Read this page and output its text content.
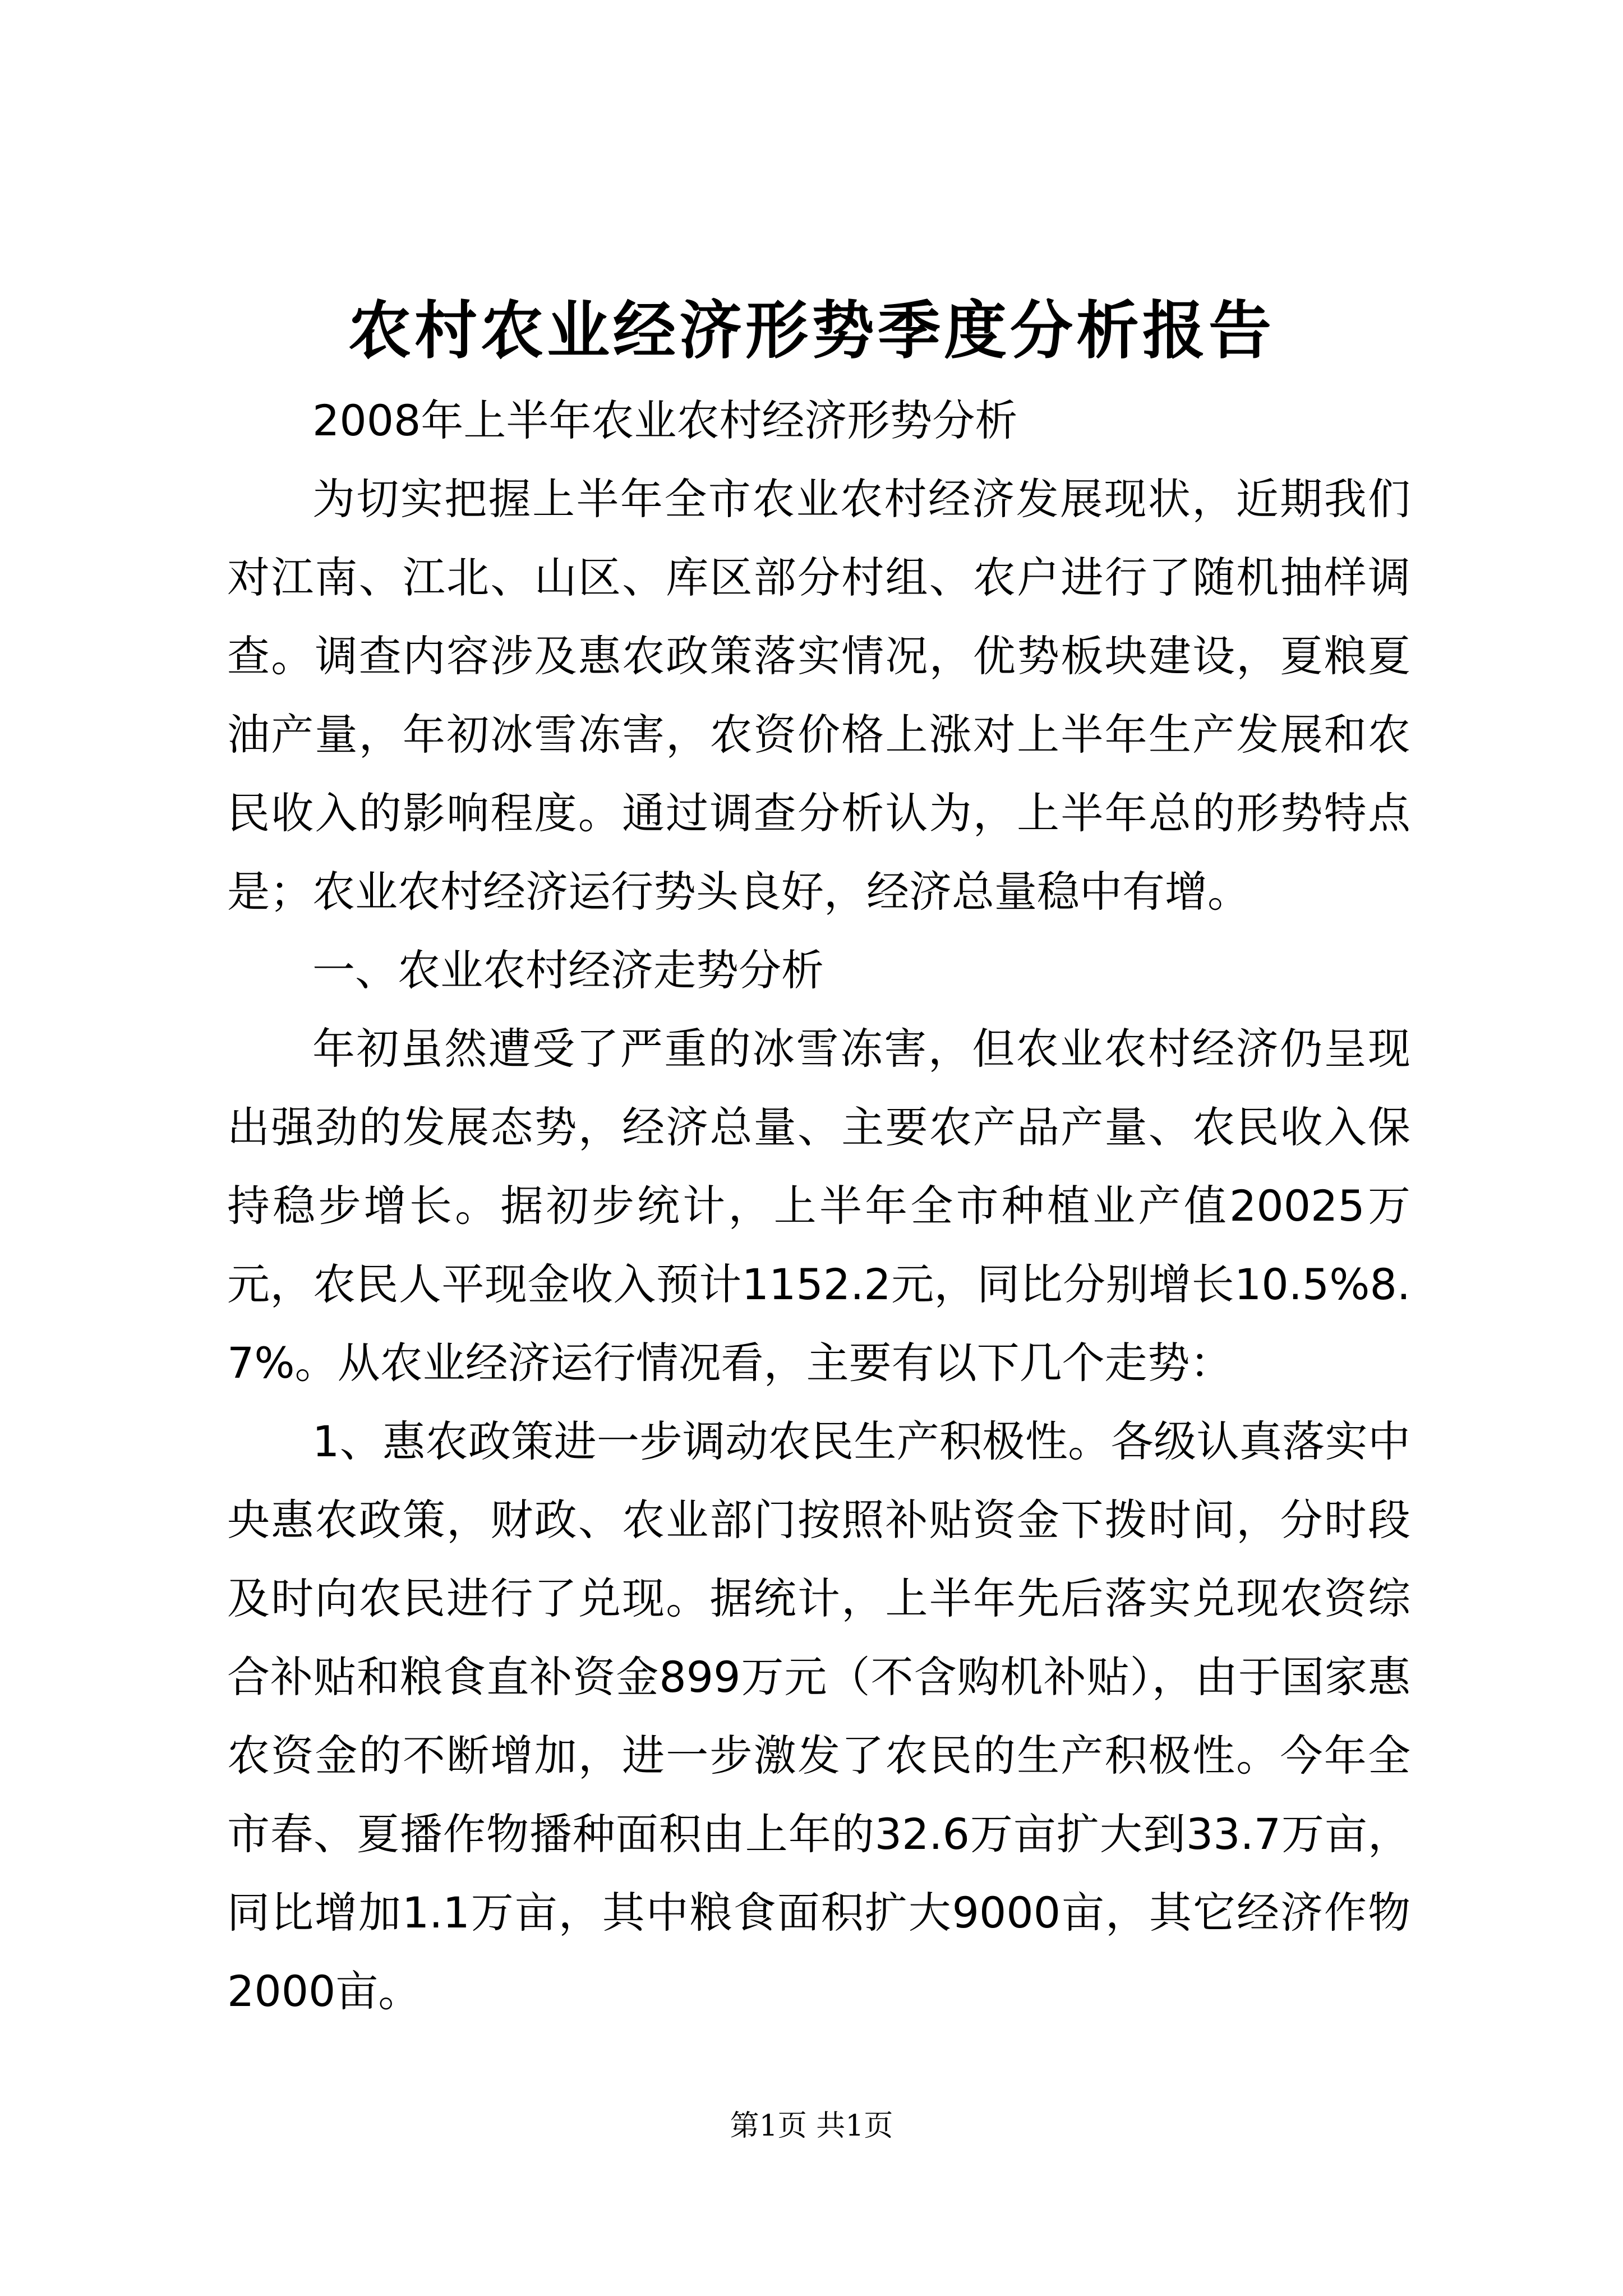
农村农业经济形势季度分析报告

2008年上半年农业农村经济形势分析

为切实把握上半年全市农业农村经济发展现状，近期我们对江南、江北、山区、库区部分村组、农户进行了随机抽样调查。调查内容涉及惠农政策落实情况，优势板块建设，夏粮夏油产量，年初冰雪冻害，农资价格上涨对上半年生产发展和农民收入的影响程度。通过调查分析认为，上半年总的形势特点是；农业农村经济运行势头良好，经济总量稳中有增。

一、农业农村经济走势分析

年初虽然遭受了严重的冰雪冻害，但农业农村经济仍呈现出强劲的发展态势，经济总量、主要农产品产量、农民收入保持稳步增长。据初步统计，上半年全市种植业产值20025万元，农民人平现金收入预计1152.2元，同比分别增长10.5%8.7%。从农业经济运行情况看，主要有以下几个走势：

1、惠农政策进一步调动农民生产积极性。各级认真落实中央惠农政策，财政、农业部门按照补贴资金下拨时间，分时段及时向农民进行了兑现。据统计，上半年先后落实兑现农资综合补贴和粮食直补资金899万元（不含购机补贴），由于国家惠农资金的不断增加，进一步激发了农民的生产积极性。今年全市春、夏播作物播种面积由上年的32.6万亩扩大到33.7万亩，同比增加1.1万亩，其中粮食面积扩大9000亩，其它经济作物2000亩。

第1页 共1页
